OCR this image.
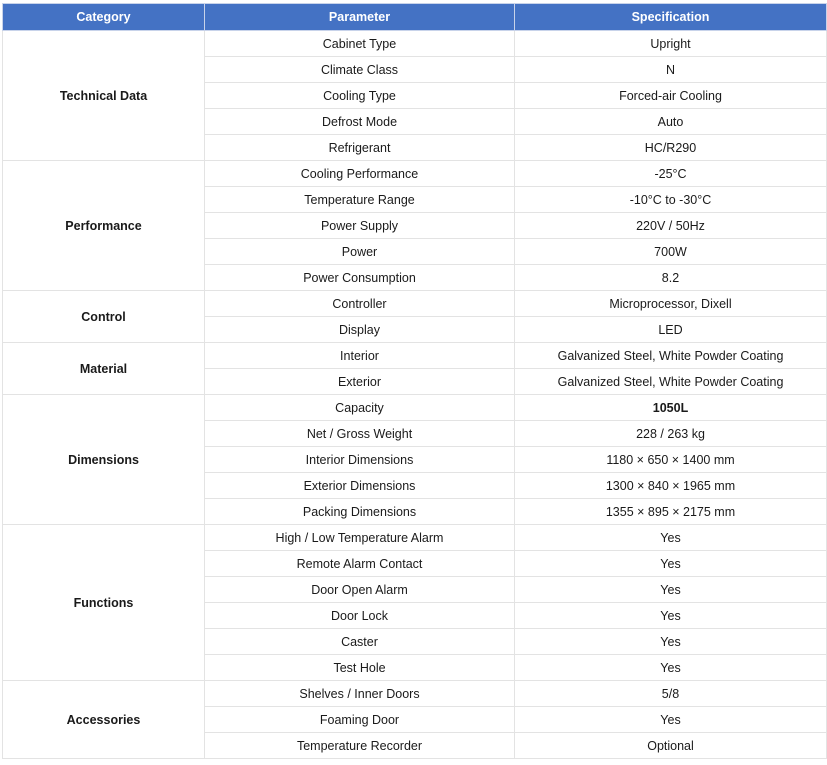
Category	Parameter	Specification
Technical Data	Cabinet Type	Upright
	Climate Class	N
	Cooling Type	Forced-air Cooling
	Defrost Mode	Auto
	Refrigerant	HC/R290
Performance	Cooling Performance	-25°C
	Temperature Range	-10°C to -30°C
	Power Supply	220V / 50Hz
	Power	700W
	Power Consumption	8.2
Control	Controller	Microprocessor, Dixell
	Display	LED
Material	Interior	Galvanized Steel, White Powder Coating
	Exterior	Galvanized Steel, White Powder Coating
Dimensions	Capacity	1050L
	Net / Gross Weight	228 / 263 kg
	Interior Dimensions	1180 × 650 × 1400 mm
	Exterior Dimensions	1300 × 840 × 1965 mm
	Packing Dimensions	1355 × 895 × 2175 mm
Functions	High / Low Temperature Alarm	Yes
	Remote Alarm Contact	Yes
	Door Open Alarm	Yes
	Door Lock	Yes
	Caster	Yes
	Test Hole	Yes
Accessories	Shelves / Inner Doors	5/8
	Foaming Door	Yes
	Temperature Recorder	Optional
